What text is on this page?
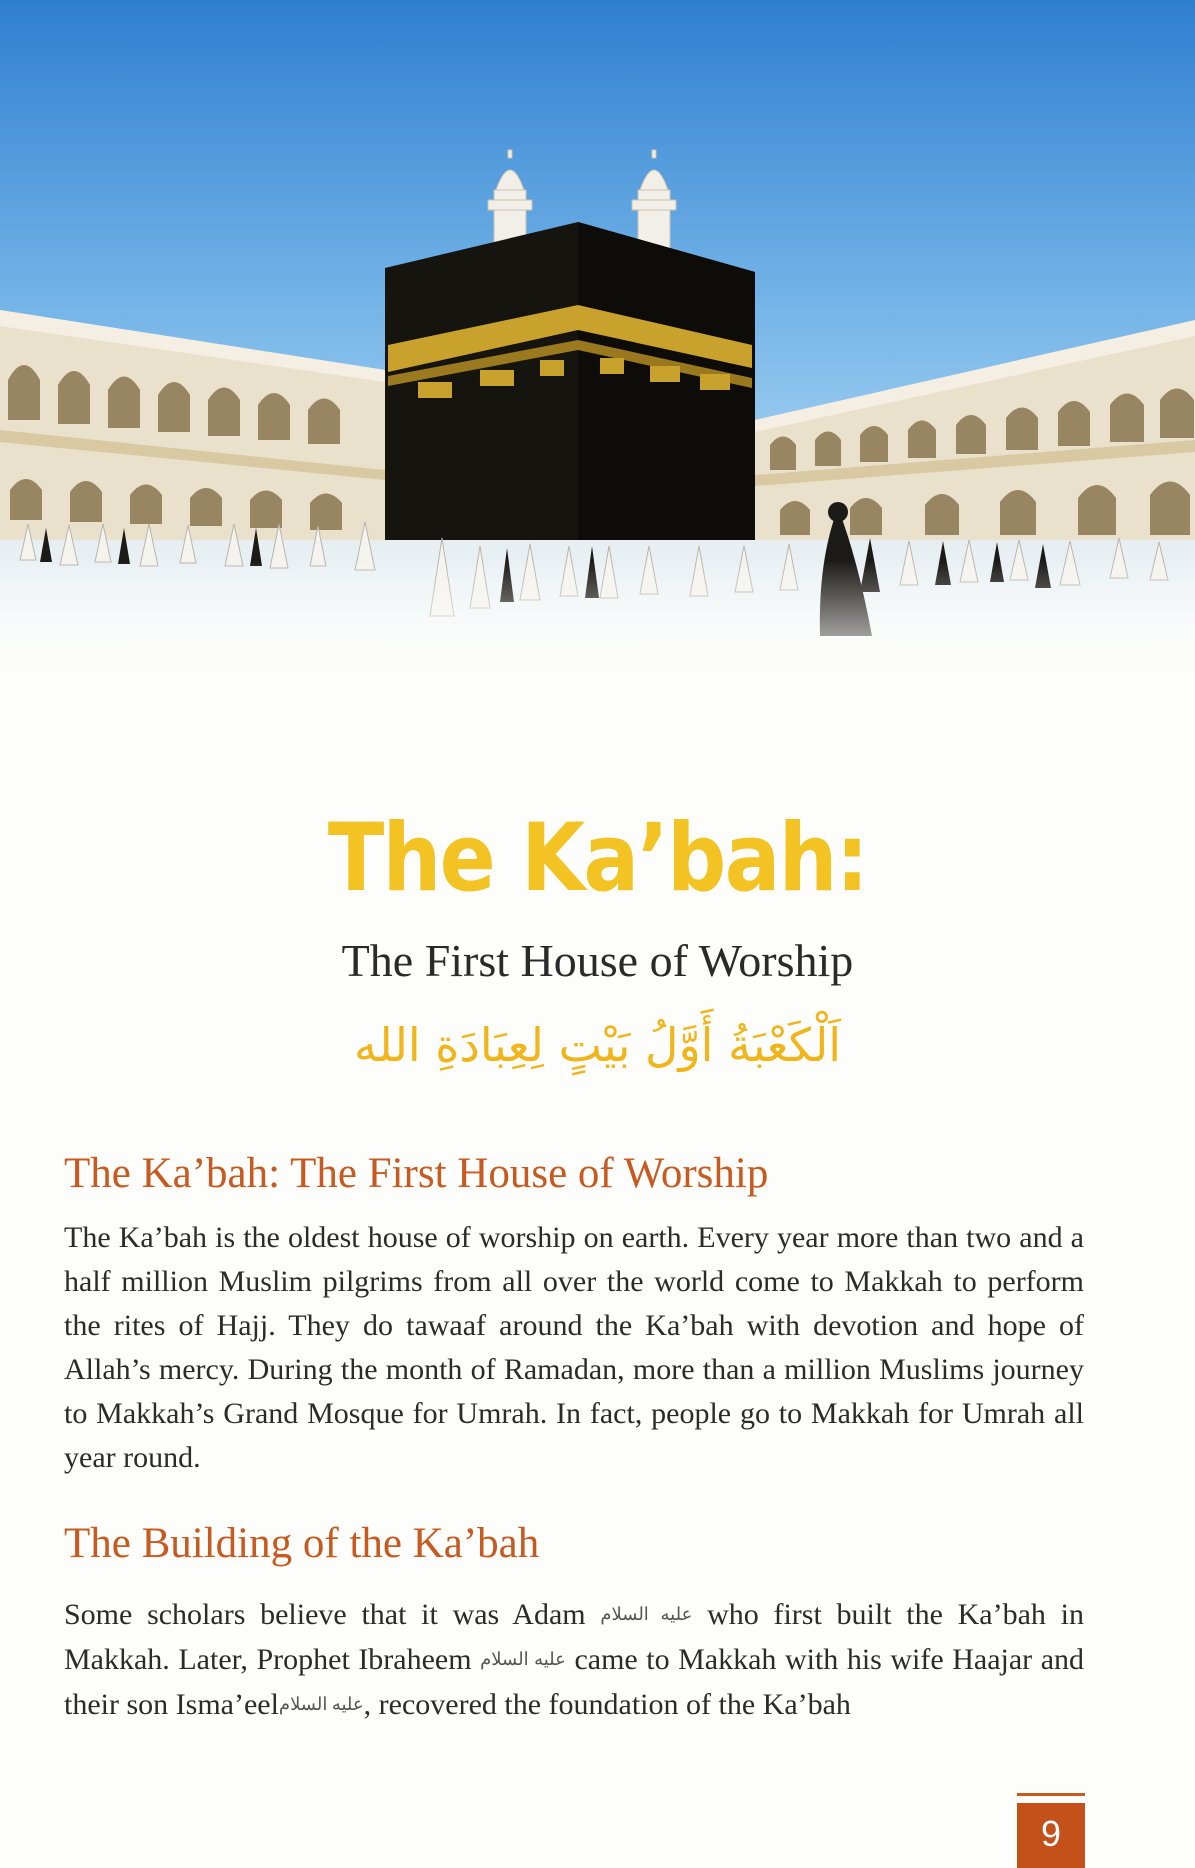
The Ka’bah:
The First House of Worship
اَلْكَعْبَةُ أَوَّلُ بَيْتٍ لِعِبَادَةِ الله
The Ka’bah: The First House of Worship

The Ka’bah is the oldest house of worship on earth. Every year more than two and a half million Muslim pilgrims from all over the world come to Makkah to perform the rites of Hajj. They do tawaaf around the Ka’bah with devotion and hope of Allah’s mercy. During the month of Ramadan, more than a million Muslims journey to Makkah’s Grand Mosque for Umrah. In fact, people go to Makkah for Umrah all year round.

The Building of the Ka’bah

Some scholars believe that it was Adam عليه السلام who first built the Ka’bah in Makkah. Later, Prophet Ibraheem عليه السلام came to Makkah with his wife Haajar and their son Isma’eelعليه السلام, recovered the foundation of the Ka’bah

9
